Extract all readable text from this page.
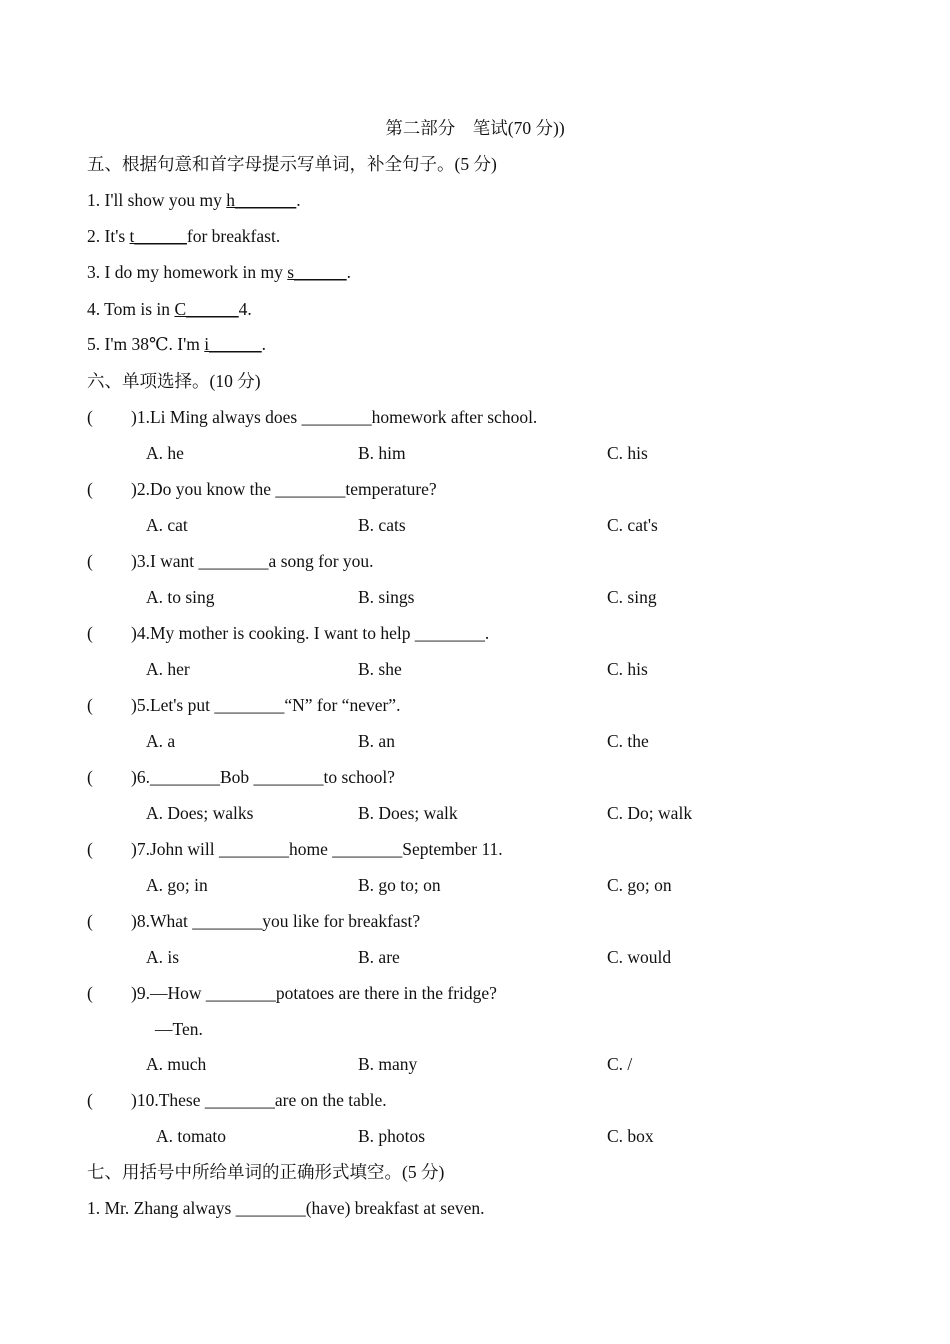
第二部分　笔试(70 分))
五、根据句意和首字母提示写单词，补全句子。(5 分)
1. I'll show you my h_______.
2. It's t______for breakfast.
3. I do my homework in my s______.
4. Tom is in C______4.
5. I'm 38℃. I'm i______.
六、单项选择。(10 分)
( )1.Li Ming always does ________homework after school.
A. he	B. him	C. his
( )2.Do you know the ________temperature?
A. cat	B. cats	C. cat's
( )3.I want ________a song for you.
A. to sing	B. sings	C. sing
( )4.My mother is cooking. I want to help ________.
A. her	B. she	C. his
( )5.Let's put ________“N” for “never”.
A. a	B. an	C. the
( )6.________Bob ________to school?
A. Does; walks	B. Does; walk	C. Do; walk
( )7.John will ________home ________September 11.
A. go; in	B. go to; on	C. go; on
( )8.What ________you like for breakfast?
A. is	B. are	C. would
( )9.—How ________potatoes are there in the fridge?
—Ten.
A. much	B. many	C. /
( )10.These ________are on the table.
A. tomato	B. photos	C. box
七、用括号中所给单词的正确形式填空。(5 分)
1. Mr. Zhang always ________(have) breakfast at seven.
